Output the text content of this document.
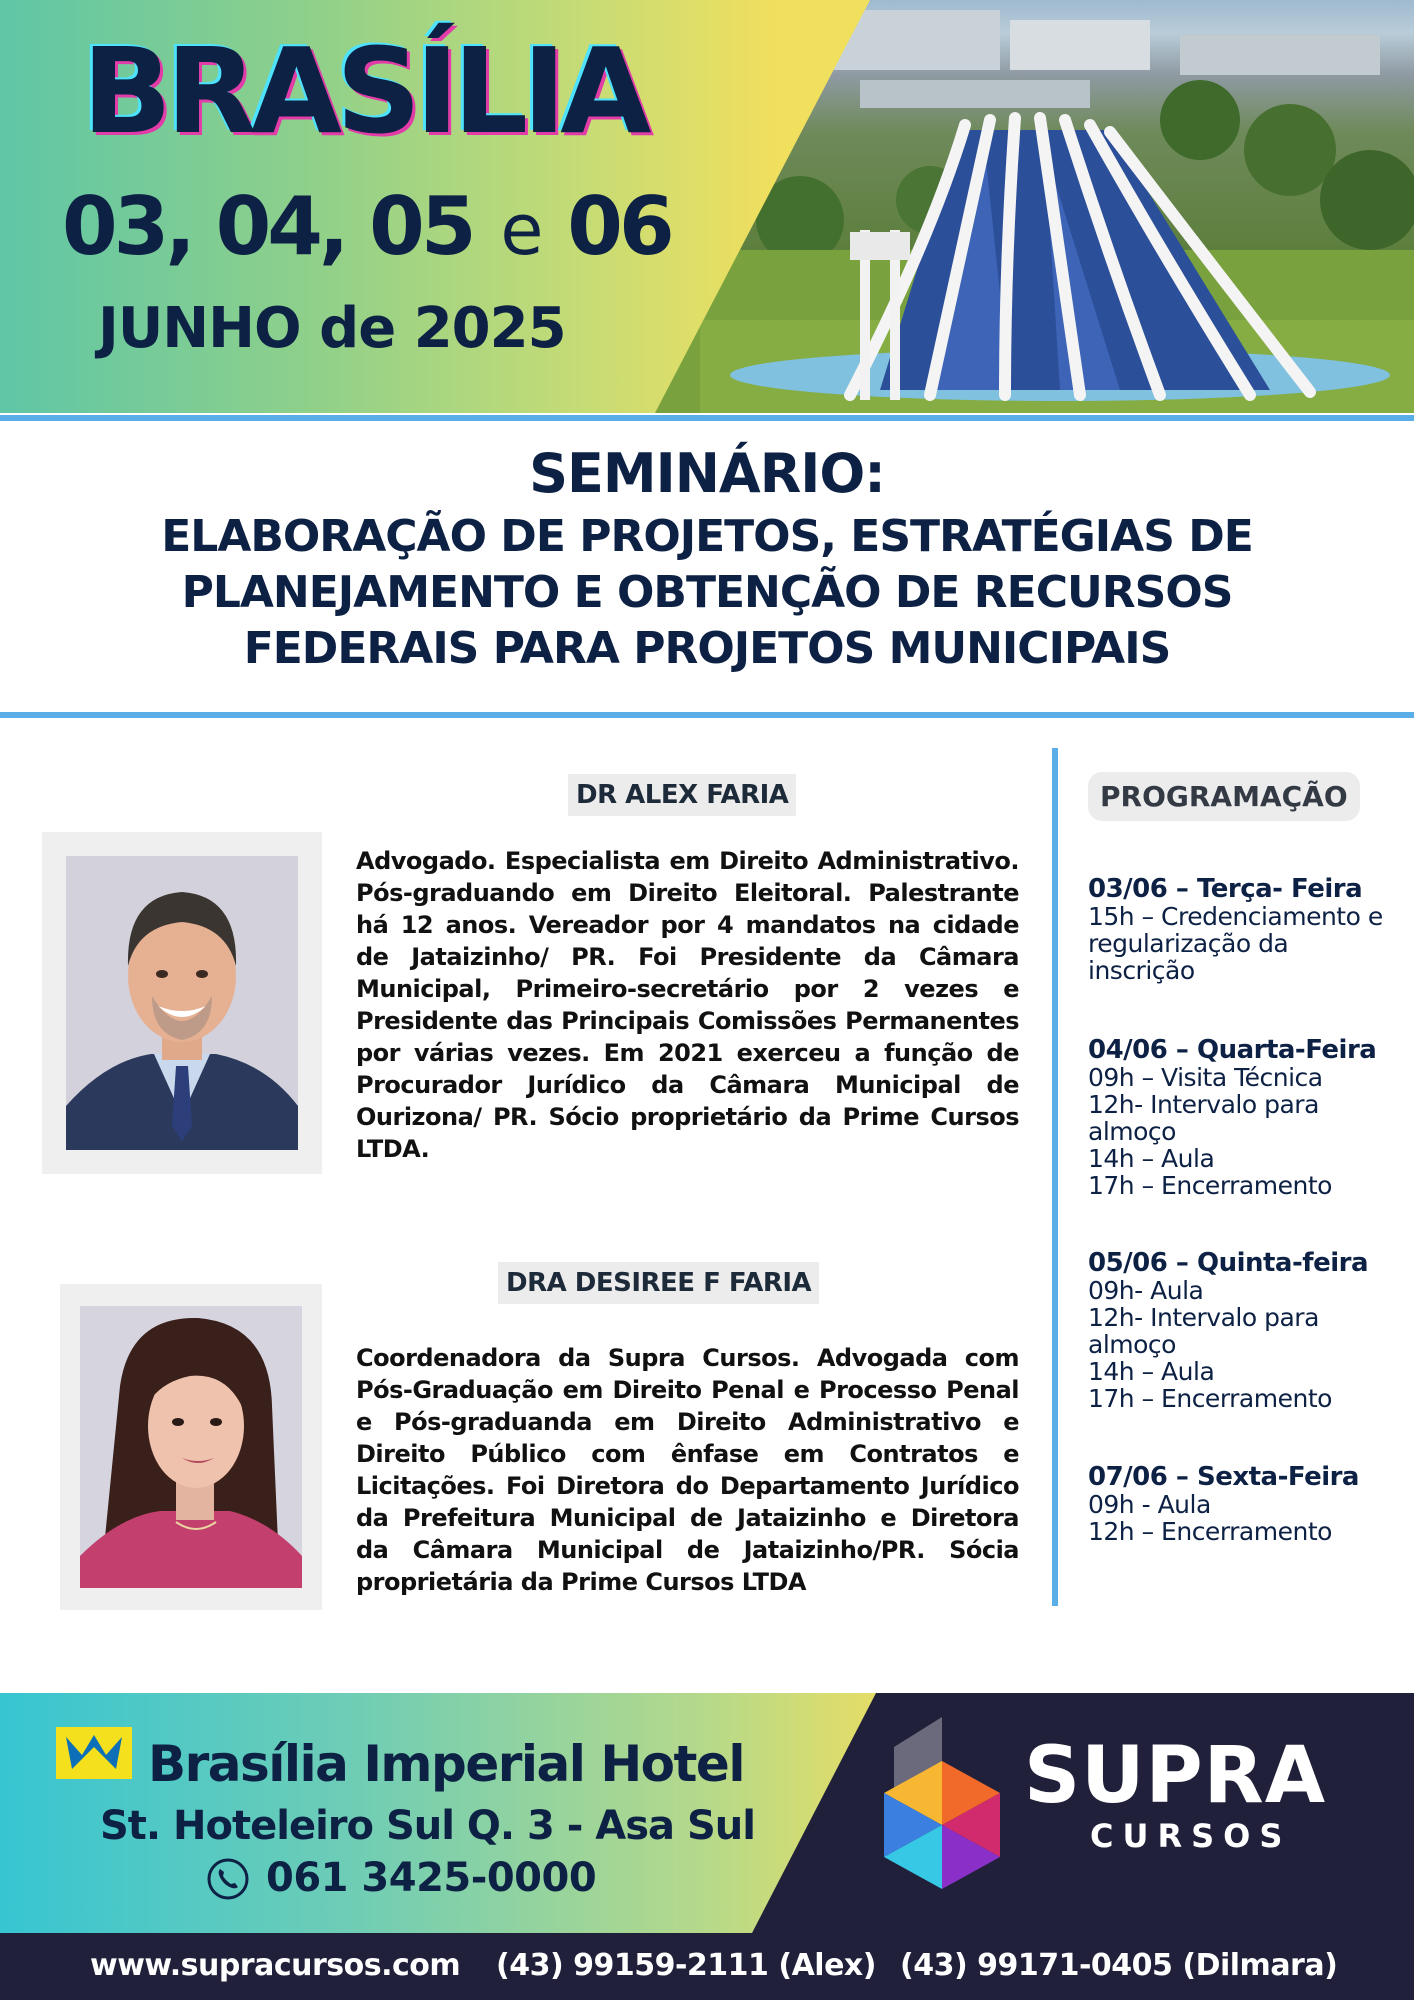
BRASÍLIA
03, 04, 05 e 06
JUNHO de 2025
SEMINÁRIO:
ELABORAÇÃO DE PROJETOS, ESTRATÉGIAS DE
PLANEJAMENTO E OBTENÇÃO DE RECURSOS
FEDERAIS PARA PROJETOS MUNICIPAIS
DR ALEX FARIA
Advogado. Especialista em Direito Administrativo. Pós-graduando em Direito Eleitoral. Palestrante há 12 anos. Vereador por 4 mandatos na cidade de Jataizinho/ PR. Foi Presidente da Câmara Municipal, Primeiro-secretário por 2 vezes e Presidente das Principais Comissões Permanentes por várias vezes. Em 2021 exerceu a função de Procurador Jurídico da Câmara Municipal de Ourizona/ PR. Sócio proprietário da Prime Cursos LTDA.
DRA DESIREE F FARIA
Coordenadora da Supra Cursos. Advogada com Pós-Graduação em Direito Penal e Processo Penal e Pós-graduanda em Direito Administrativo e Direito Público com ênfase em Contratos e Licitações. Foi Diretora do Departamento Jurídico da Prefeitura Municipal de Jataizinho e Diretora da Câmara Municipal de Jataizinho/PR. Sócia proprietária da Prime Cursos LTDA
PROGRAMAÇÃO
03/06 – Terça- Feira
15h – Credenciamento e
regularização da
inscrição
04/06 – Quarta-Feira
09h – Visita Técnica
12h- Intervalo para
almoço
14h – Aula
17h – Encerramento
05/06 – Quinta-feira
09h- Aula
12h- Intervalo para
almoço
14h – Aula
17h – Encerramento
07/06 – Sexta-Feira
09h - Aula
12h – Encerramento
Brasília Imperial Hotel
St. Hoteleiro Sul Q. 3 - Asa Sul
061 3425-0000
SUPRA
CURSOS
www.supracursos.com (43) 99159-2111 (Alex) (43) 99171-0405 (Dilmara)
